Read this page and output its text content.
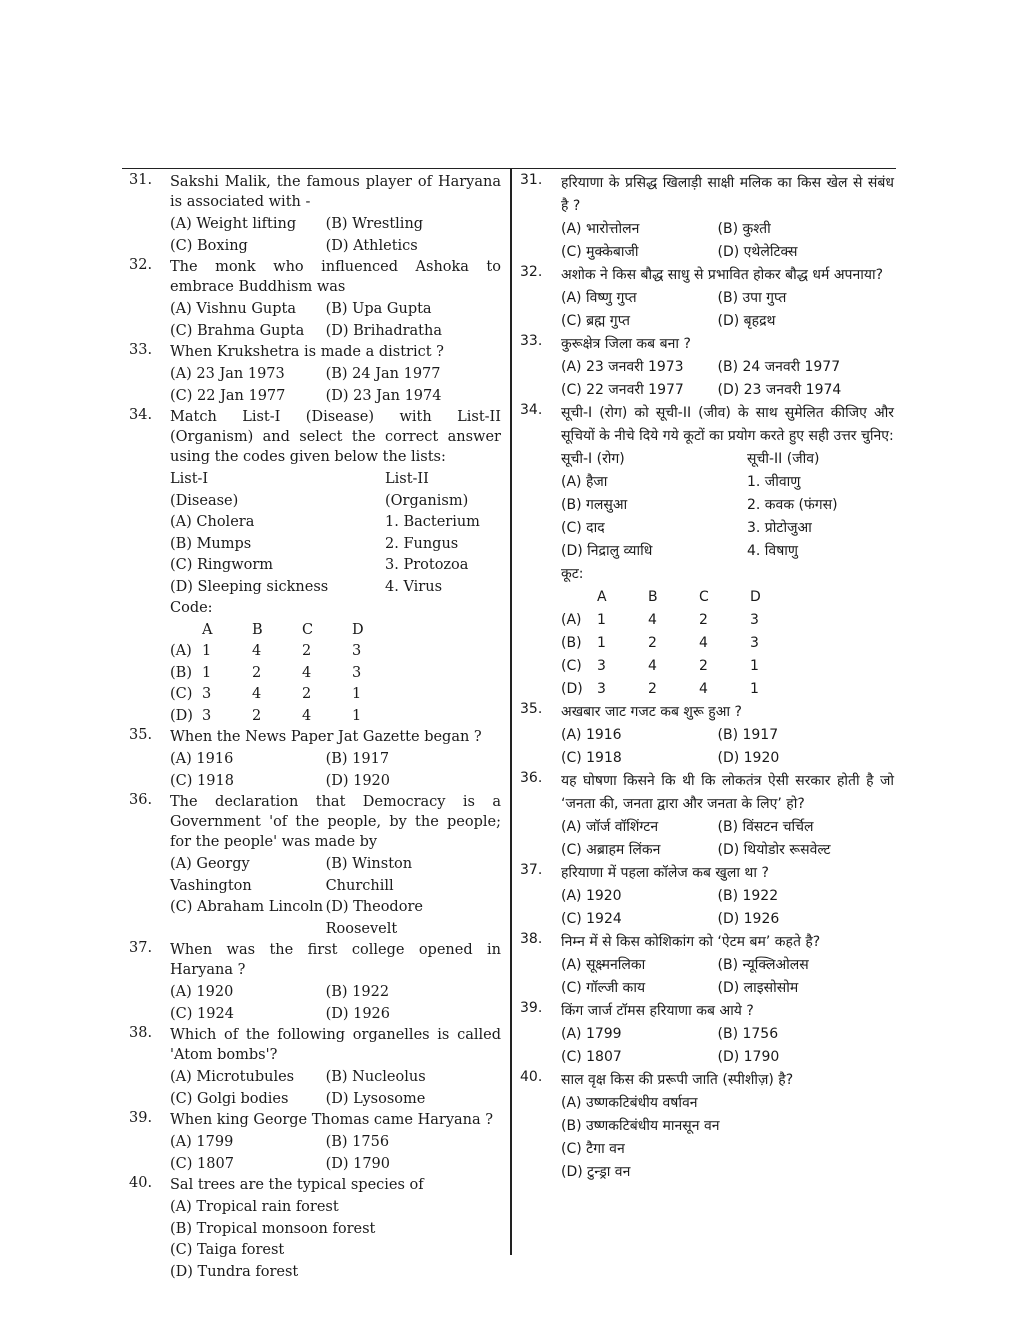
31. Sakshi Malik, the famous player of Haryana is associated with -
(A) Weight lifting	(B) Wrestling
(C) Boxing	(D) Athletics
32. The monk who influenced Ashoka to embrace Buddhism was
(A) Vishnu Gupta	(B) Upa Gupta
(C) Brahma Gupta	(D) Brihadratha
33. When Krukshetra is made a district ?
(A) 23 Jan 1973	(B) 24 Jan 1977
(C) 22 Jan 1977	(D) 23 Jan 1974
34. Match List-I (Disease) with List-II (Organism) and select the correct answer using the codes given below the lists:
List-I	List-II
(Disease)	(Organism)
(A) Cholera	1. Bacterium
(B) Mumps	2. Fungus
(C) Ringworm	3. Protozoa
(D) Sleeping sickness	4. Virus
Code:
A	B	C	D
(A) 1	4	2	3
(B) 1	2	4	3
(C) 3	4	2	1
(D) 3	2	4	1
35. When the News Paper Jat Gazette began ?
(A) 1916	(B) 1917
(C) 1918	(D) 1920
36. The declaration that Democracy is a Government 'of the people, by the people; for the people' was made by
(A) Georgy Vashington
(B) Winston Churchill
(C) Abraham Lincoln (D) Theodore Roosevelt
37. When was the first college opened in Haryana ?
(A) 1920	(B) 1922
(C) 1924	(D) 1926
38. Which of the following organelles is called 'Atom bombs'?
(A) Microtubules	(B) Nucleolus
(C) Golgi bodies	(D) Lysosome
39. When king George Thomas came Haryana ?
(A) 1799	(B) 1756
(C) 1807	(D) 1790
40. Sal trees are the typical species of
(A) Tropical rain forest
(B) Tropical monsoon forest
(C) Taiga forest
(D) Tundra forest
31. हरियाणा के प्रसिद्ध खिलाड़ी साक्षी मलिक का किस खेल से संबंध है ?
(A) भारोत्तोलन	(B) कुश्ती
(C) मुक्केबाजी	(D) एथेलेटिक्स
32. अशोक ने किस बौद्ध साधु से प्रभावित होकर बौद्ध धर्म अपनाया?
(A) विष्णु गुप्त	(B) उपा गुप्त
(C) ब्रह्म गुप्त	(D) बृहद्रथ
33. कुरूक्षेत्र जिला कब बना ?
(A) 23 जनवरी 1973	(B) 24 जनवरी 1977
(C) 22 जनवरी 1977	(D) 23 जनवरी 1974
34. सूची-I (रोग) को सूची-II (जीव) के साथ सुमेलित कीजिए और सूचियों के नीचे दिये गये कूटों का प्रयोग करते हुए सही उत्तर चुनिए:
सूची-I (रोग)	सूची-II (जीव)
(A) हैजा	1. जीवाणु
(B) गलसुआ	2. कवक (फंगस)
(C) दाद	3. प्रोटोजुआ
(D) निद्रालु व्याधि	4. विषाणु
कूट:
A	B	C	D
(A)	1	4	2	3
(B)	1	2	4	3
(C)	3	4	2	1
(D)	3	2	4	1
35. अखबार जाट गजट कब शुरू हुआ ?
(A) 1916	(B) 1917
(C) 1918	(D) 1920
36. यह घोषणा किसने कि थी कि लोकतंत्र ऐसी सरकार होती है जो ‘जनता की, जनता द्वारा और जनता के लिए’ हो?
(A) जॉर्ज वॉशिंग्टन	(B) विंसटन चर्चिल
(C) अब्राहम लिंकन	(D) थियोडोर रूसवेल्ट
37. हरियाणा में पहला कॉलेज कब खुला था ?
(A) 1920	(B) 1922
(C) 1924	(D) 1926
38. निम्न में से किस कोशिकांग को ‘ऐटम बम’ कहते है?
(A) सूक्ष्मनलिका	(B) न्यूक्लिओलस
(C) गॉल्जी काय	(D) लाइसोसोम
39. किंग जार्ज टॉमस हरियाणा कब आये ?
(A) 1799	(B) 1756
(C) 1807	(D) 1790
40. साल वृक्ष किस की प्ररूपी जाति (स्पीशीज़) है?
(A) उष्णकटिबंधीय वर्षावन
(B) उष्णकटिबंधीय मानसून वन
(C) टैगा वन
(D) टुन्ड्रा वन
